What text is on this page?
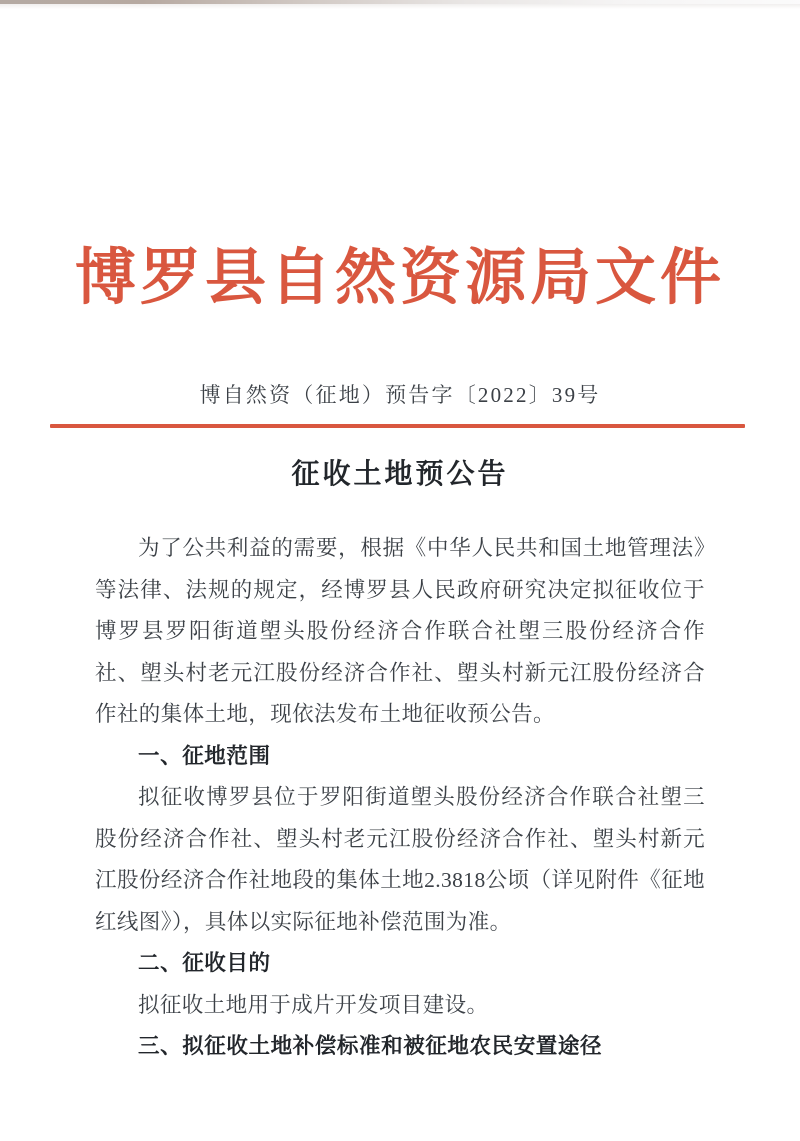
博罗县自然资源局文件
博自然资（征地）预告字〔2022〕39号
征收土地预公告

为了公共利益的需要，根据《中华人民共和国土地管理法》等法律、法规的规定，经博罗县人民政府研究决定拟征收位于博罗县罗阳街道塱头股份经济合作联合社塱三股份经济合作社、塱头村老元江股份经济合作社、塱头村新元江股份经济合作社的集体土地，现依法发布土地征收预公告。

一、征地范围

拟征收博罗县位于罗阳街道塱头股份经济合作联合社塱三股份经济合作社、塱头村老元江股份经济合作社、塱头村新元江股份经济合作社地段的集体土地2.3818公顷（详见附件《征地红线图》），具体以实际征地补偿范围为准。

二、征收目的

拟征收土地用于成片开发项目建设。

三、拟征收土地补偿标准和被征地农民安置途径
